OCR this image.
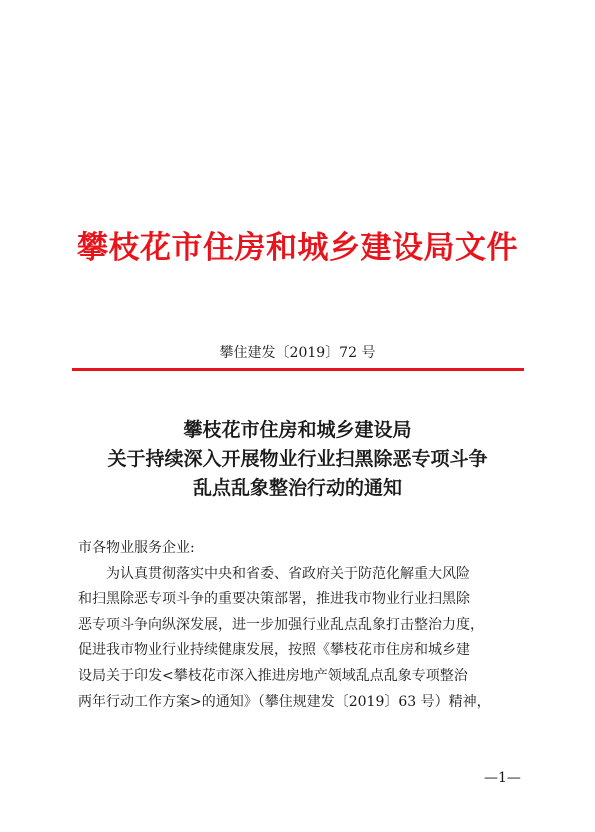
攀枝花市住房和城乡建设局文件
攀住建发〔2019〕72 号
攀枝花市住房和城乡建设局
关于持续深入开展物业行业扫黑除恶专项斗争
乱点乱象整治行动的通知
市各物业服务企业:
为认真贯彻落实中央和省委、省政府关于防范化解重大风险
和扫黑除恶专项斗争的重要决策部署，推进我市物业行业扫黑除
恶专项斗争向纵深发展，进一步加强行业乱点乱象打击整治力度，
促进我市物业行业持续健康发展，按照《攀枝花市住房和城乡建
设局关于印发<攀枝花市深入推进房地产领域乱点乱象专项整治
两年行动工作方案>的通知》（攀住规建发〔2019〕63 号）精神，
—1—
